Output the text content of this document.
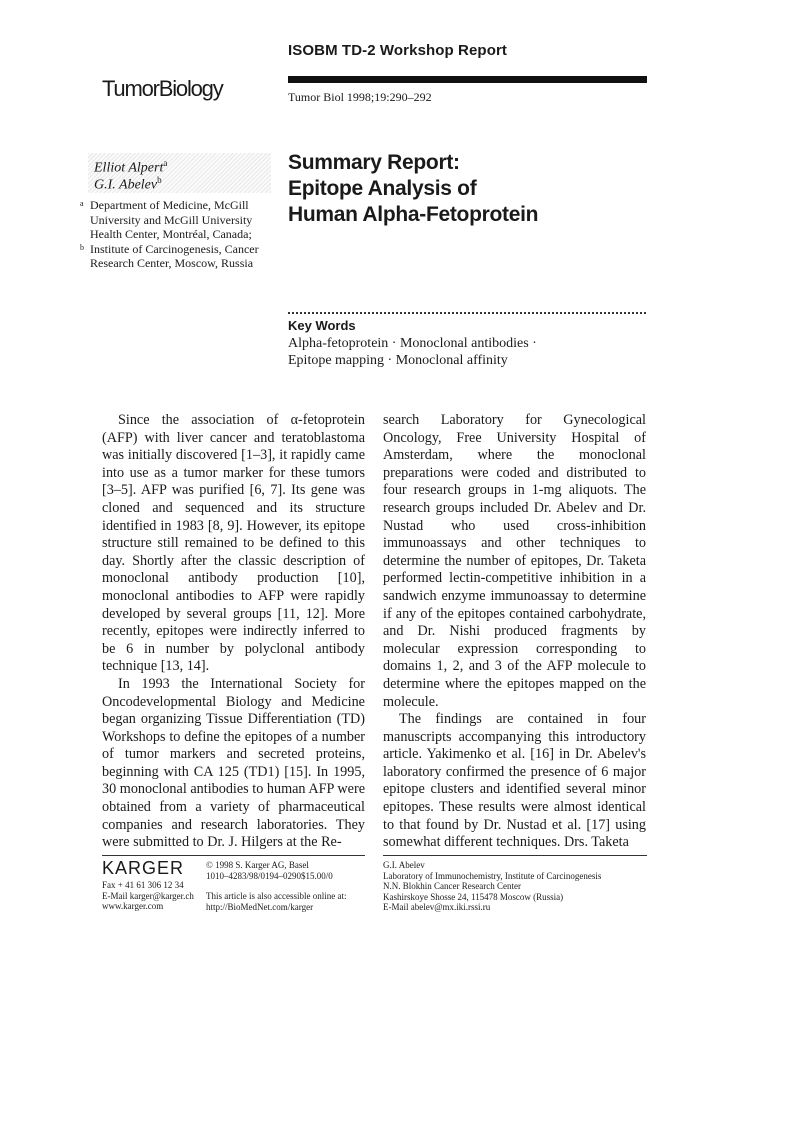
ISOBM TD-2 Workshop Report
TumorBiology	Tumor Biol 1998;19:290–292
Elliot Alpert$^a$
G.I. Abelev$^b$
a Department of Medicine, McGill University and McGill University Health Center, Montréal, Canada;
b Institute of Carcinogenesis, Cancer Research Center, Moscow, Russia
Summary Report:
Epitope Analysis of
Human Alpha-Fetoprotein
Key Words
Alpha-fetoprotein · Monoclonal antibodies ·
Epitope mapping · Monoclonal affinity

Since the association of α-fetoprotein (AFP) with liver cancer and teratoblastoma was initially discovered [1–3], it rapidly came into use as a tumor marker for these tumors [3–5]. AFP was purified [6, 7]. Its gene was cloned and sequenced and its structure identified in 1983 [8, 9]. However, its epitope structure still remained to be defined to this day. Shortly after the classic description of monoclonal antibody production [10], monoclonal antibodies to AFP were rapidly developed by several groups [11, 12]. More recently, epitopes were indirectly inferred to be 6 in number by polyclonal antibody technique [13, 14].

In 1993 the International Society for Oncodevelopmental Biology and Medicine began organizing Tissue Differentiation (TD) Workshops to define the epitopes of a number of tumor markers and secreted proteins, beginning with CA 125 (TD1) [15]. In 1995, 30 monoclonal antibodies to human AFP were obtained from a variety of pharmaceutical companies and research laboratories. They were submitted to Dr. J. Hilgers at the Re-

search Laboratory for Gynecological Oncology, Free University Hospital of Amsterdam, where the monoclonal preparations were coded and distributed to four research groups in 1-mg aliquots. The research groups included Dr. Abelev and Dr. Nustad who used cross-inhibition immunoassays and other techniques to determine the number of epitopes, Dr. Taketa performed lectin-competitive inhibition in a sandwich enzyme immunoassay to determine if any of the epitopes contained carbohydrate, and Dr. Nishi produced fragments by molecular expression corresponding to domains 1, 2, and 3 of the AFP molecule to determine where the epitopes mapped on the molecule.

The findings are contained in four manuscripts accompanying this introductory article. Yakimenko et al. [16] in Dr. Abelev's laboratory confirmed the presence of 6 major epitope clusters and identified several minor epitopes. These results were almost identical to that found by Dr. Nustad et al. [17] using somewhat different techniques. Drs. Taketa

KARGER
Fax + 41 61 306 12 34
E-Mail karger@karger.ch
www.karger.com
© 1998 S. Karger AG, Basel
1010–4283/98/0194–0290$15.00/0
This article is also accessible online at:
http://BioMedNet.com/karger
G.I. Abelev
Laboratory of Immunochemistry, Institute of Carcinogenesis
N.N. Blokhin Cancer Research Center
Kashirskoye Shosse 24, 115478 Moscow (Russia)
E-Mail abelev@mx.iki.rssi.ru
